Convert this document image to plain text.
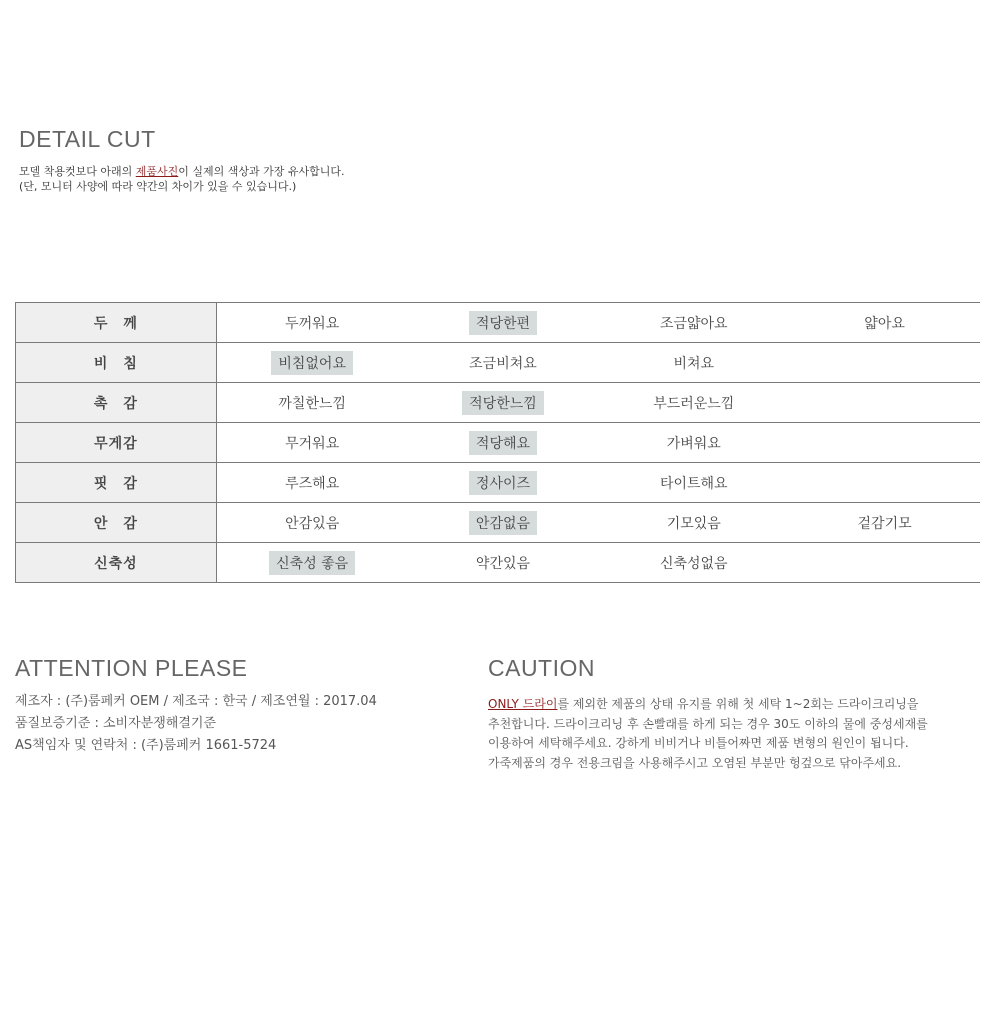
DETAIL CUT
모델 착용컷보다 아래의 제품사진이 실제의 색상과 가장 유사합니다.
(단, 모니터 사양에 따라 약간의 차이가 있을 수 있습니다.)
두　께	두꺼워요	적당한편	조금얇아요	얇아요
비　침	비침없어요	조금비쳐요	비쳐요	
촉　감	까칠한느낌	적당한느낌	부드러운느낌	
무게감	무거워요	적당해요	가벼워요	
핏　감	루즈해요	정사이즈	타이트해요	
안　감	안감있음	안감없음	기모있음	겉감기모
신축성	신축성 좋음	약간있음	신축성없음	
ATTENTION PLEASE
제조자 : (주)룸페커 OEM / 제조국 : 한국 / 제조연월 : 2017.04
품질보증기준 : 소비자분쟁해결기준
AS책임자 및 연락처 : (주)룸페커 1661-5724
CAUTION
ONLY 드라이를 제외한 제품의 상태 유지를 위해 첫 세탁 1~2회는 드라이크리닝을
추천합니다. 드라이크리닝 후 손빨래를 하게 되는 경우 30도 이하의 물에 중성세재를
이용하여 세탁해주세요. 강하게 비비거나 비틀어짜면 제품 변형의 원인이 됩니다.
가죽제품의 경우 전용크림을 사용해주시고 오염된 부분만 헝겊으로 닦아주세요.
